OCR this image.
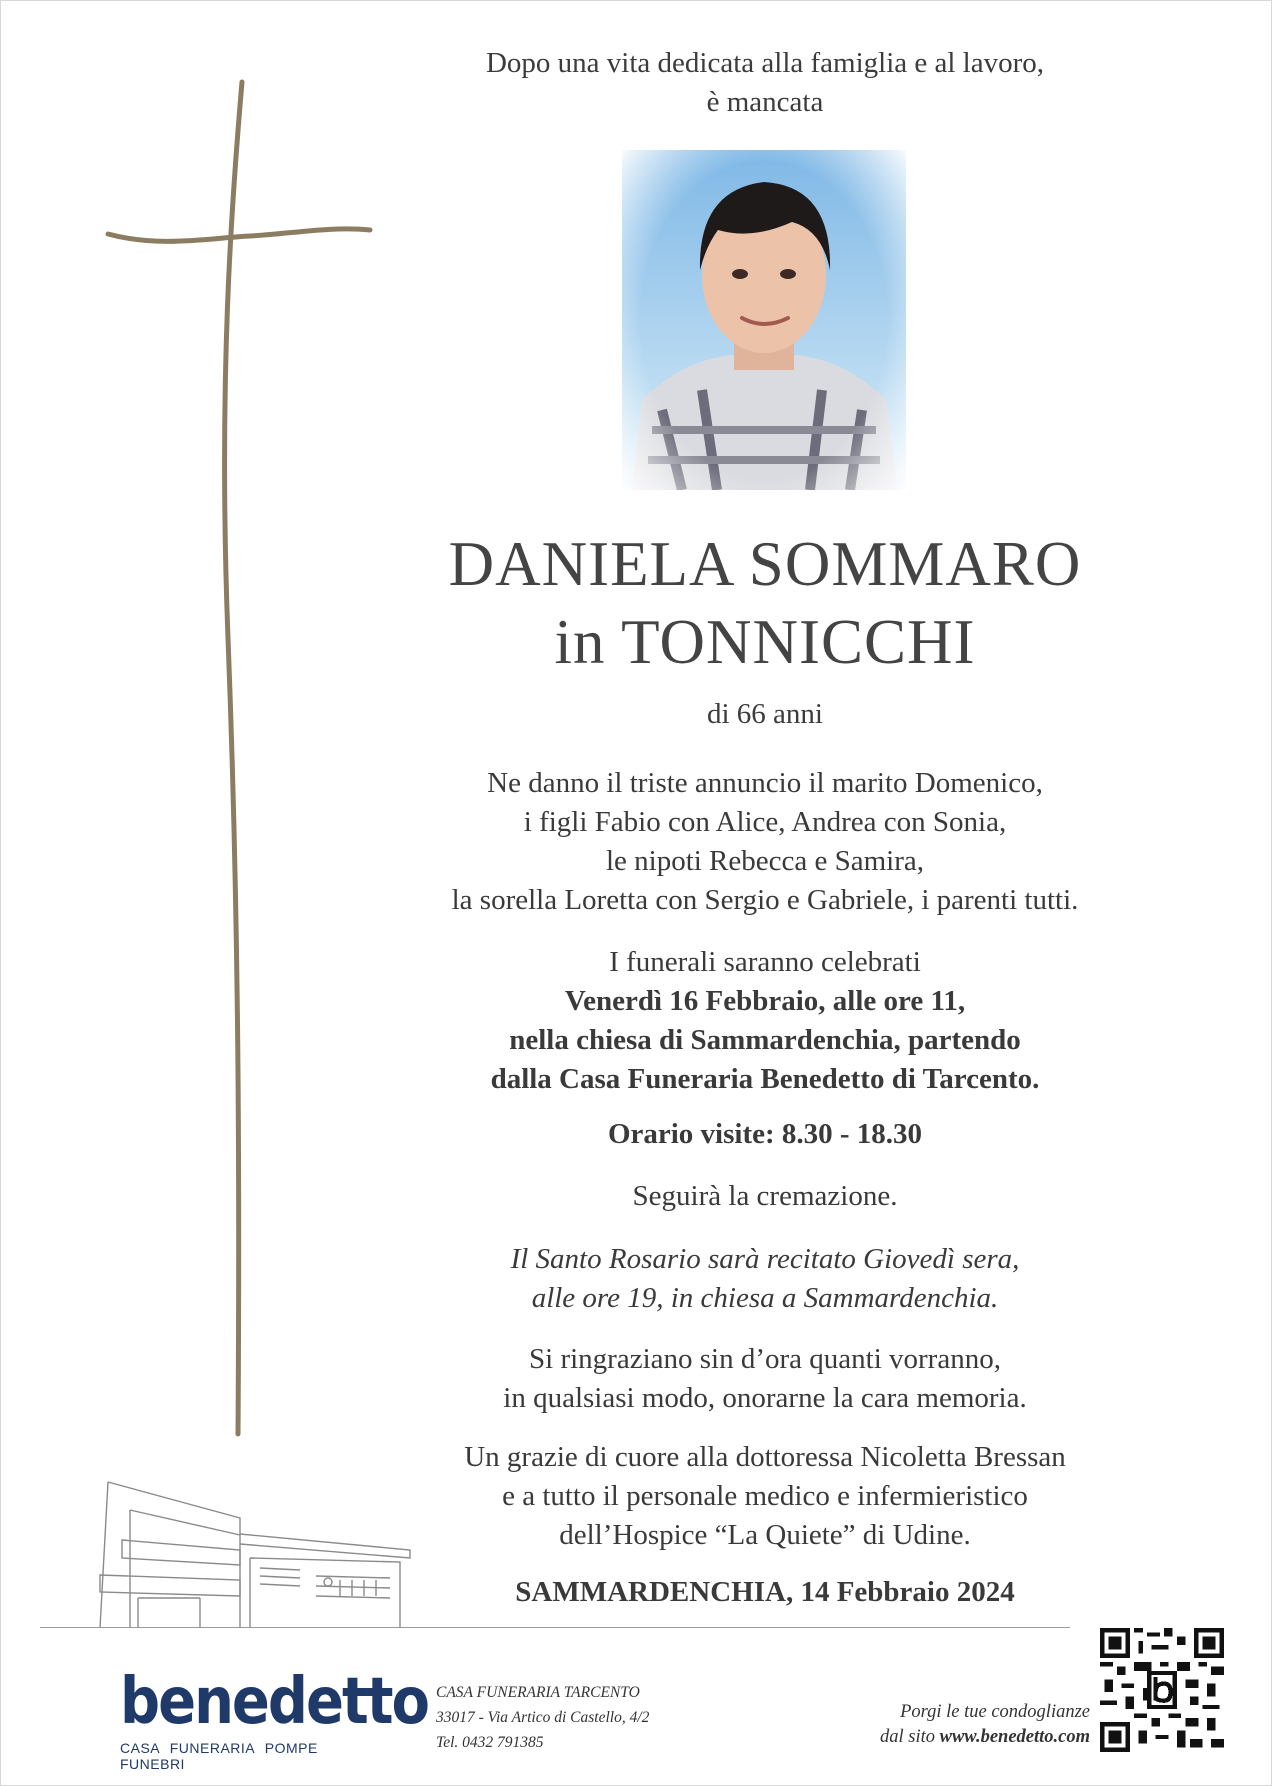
Dopo una vita dedicata alla famiglia e al lavoro,
è mancata
DANIELA SOMMARO
in TONNICCHI
di 66 anni
Ne danno il triste annuncio il marito Domenico,
i figli Fabio con Alice, Andrea con Sonia,
le nipoti Rebecca e Samira,
la sorella Loretta con Sergio e Gabriele, i parenti tutti.
I funerali saranno celebrati
Venerdì 16 Febbraio, alle ore 11,
nella chiesa di Sammardenchia, partendo
dalla Casa Funeraria Benedetto di Tarcento.
Orario visite: 8.30 - 18.30
Seguirà la cremazione.
Il Santo Rosario sarà recitato Giovedì sera,
alle ore 19, in chiesa a Sammardenchia.
Si ringraziano sin d’ora quanti vorranno,
in qualsiasi modo, onorarne la cara memoria.
Un grazie di cuore alla dottoressa Nicoletta Bressan
e a tutto il personale medico e infermieristico
dell’Hospice “La Quiete” di Udine.
SAMMARDENCHIA, 14 Febbraio 2024
benedetto
CASA FUNERARIA POMPE FUNEBRI
CASA FUNERARIA TARCENTO
33017 - Via Artico di Castello, 4/2
Tel. 0432 791385
Porgi le tue condoglianze
dal sito www.benedetto.com
